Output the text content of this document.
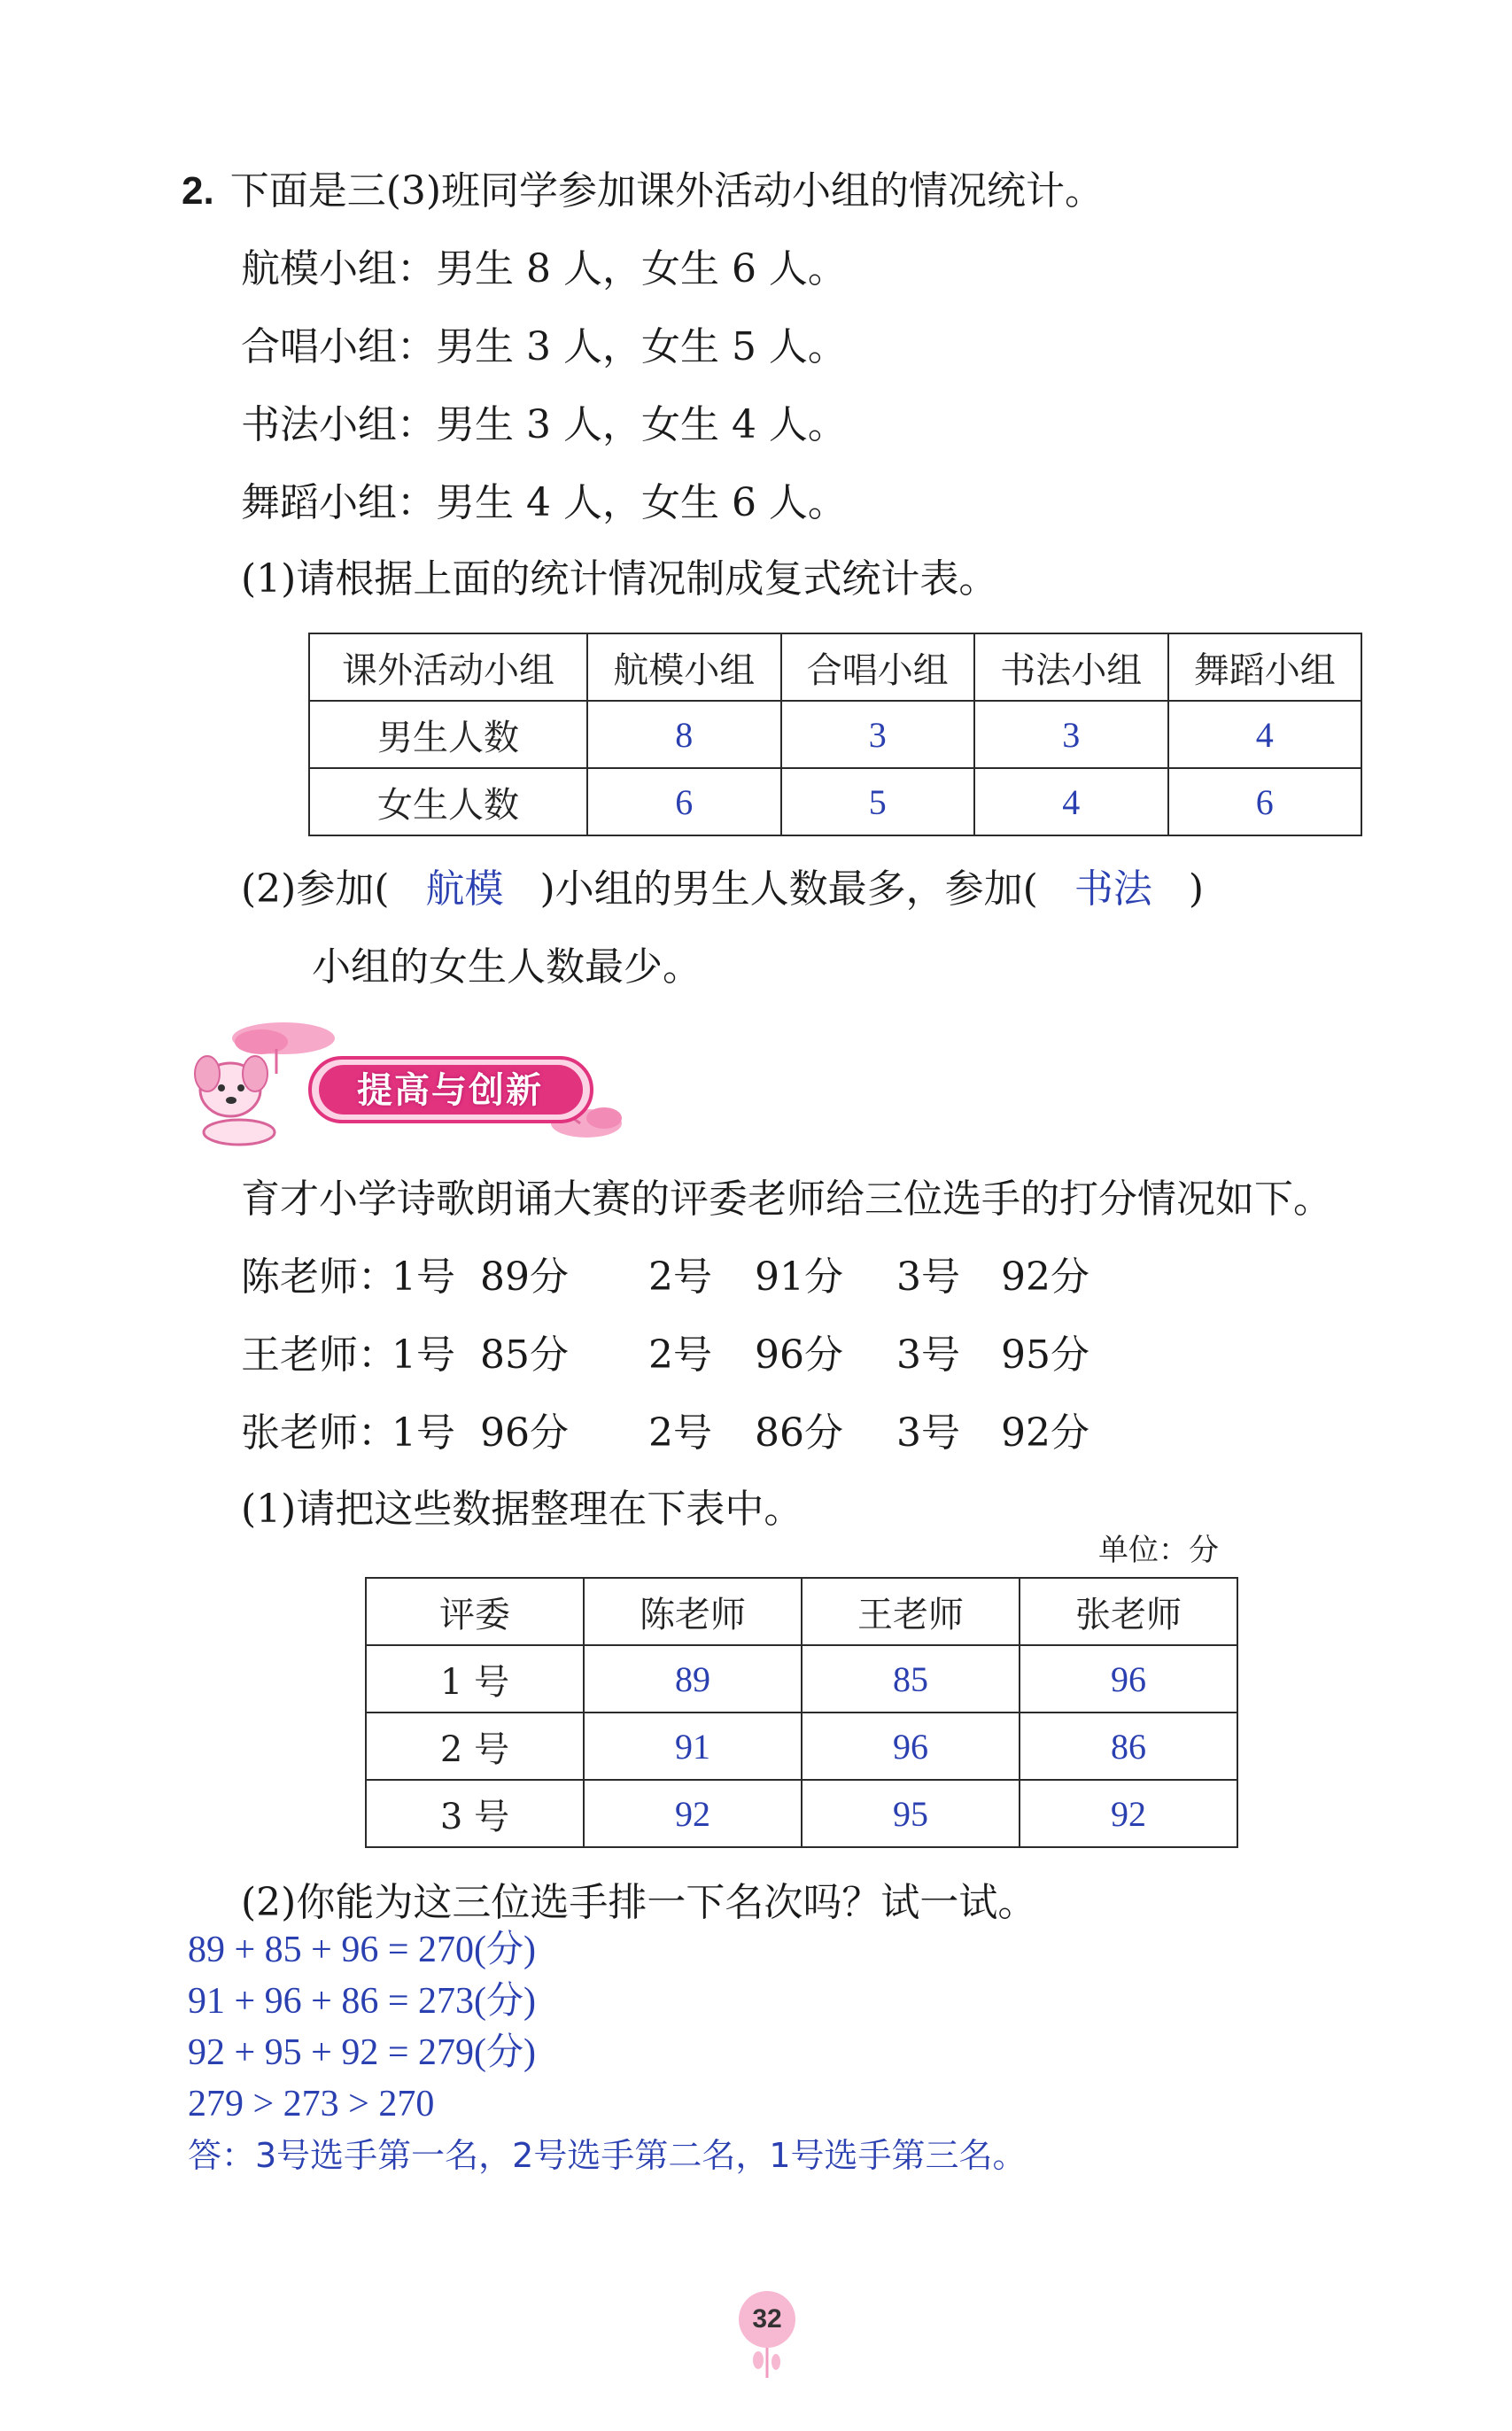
2. 下面是三(3)班同学参加课外活动小组的情况统计。
航模小组：男生 8 人，女生 6 人。
合唱小组：男生 3 人，女生 5 人。
书法小组：男生 3 人，女生 4 人。
舞蹈小组：男生 4 人，女生 6 人。
(1)请根据上面的统计情况制成复式统计表。
课外活动小组	航模小组	合唱小组	书法小组	舞蹈小组
男生人数	8	3	3	4
女生人数	6	5	4	6
(2)参加( 航模 )小组的男生人数最多，参加( 书法 )
小组的女生人数最少。
提高与创新
育才小学诗歌朗诵大赛的评委老师给三位选手的打分情况如下。
陈老师：1号 89分 2号 91分 3号 92分
王老师：1号 85分 2号 96分 3号 95分
张老师：1号 96分 2号 86分 3号 92分
(1)请把这些数据整理在下表中。
单位：分
评委	陈老师	王老师	张老师
1 号	89	85	96
2 号	91	96	86
3 号	92	95	92
(2)你能为这三位选手排一下名次吗？试一试。
89 + 85 + 96 = 270(分)
91 + 96 + 86 = 273(分)
92 + 95 + 92 = 279(分)
279 > 273 > 270
答：3号选手第一名，2号选手第二名，1号选手第三名。
32
